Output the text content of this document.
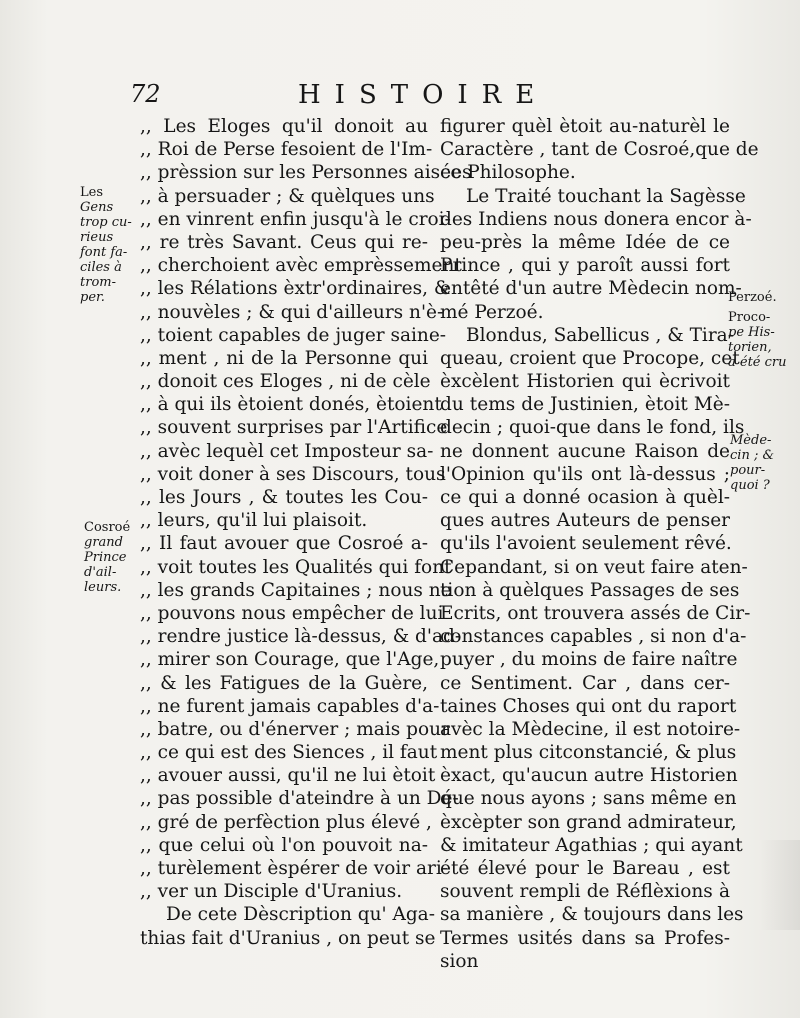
72	HISTOIRE
,, Les Eloges qu'il donoit au
,, Roi de Perse fesoient de l'Im-
,, prèssion sur les Personnes aisées
,, à persuader ; & quèlques uns
,, en vinrent enfin jusqu'à le croi-
,, re très Savant. Ceus qui re-
,, cherchoient avèc emprèssement
,, les Rélations èxtr'ordinaires, &
,, nouvèles ; & qui d'ailleurs n'è-
,, toient capables de juger saine-
,, ment , ni de la Personne qui
,, donoit ces Eloges , ni de cèle
,, à qui ils ètoient donés, ètoient
,, souvent surprises par l'Artifice
,, avèc lequèl cet Imposteur sa-
,, voit doner à ses Discours, tous
,, les Jours , & toutes les Cou-
,, leurs, qu'il lui plaisoit.
,, Il faut avouer que Cosroé a-
,, voit toutes les Qualités qui font
,, les grands Capitaines ; nous ne
,, pouvons nous empêcher de lui
,, rendre justice là-dessus, & d'ad-
,, mirer son Courage, que l'Age,
,, & les Fatigues de la Guère,
,, ne furent jamais capables d'a-
,, batre, ou d'énerver ; mais pour
,, ce qui est des Siences , il faut
,, avouer aussi, qu'il ne lui ètoit
,, pas possible d'ateindre à un Dé-
,, gré de perfèction plus élevé ,
,, que celui où l'on pouvoit na-
,, turèlement èspérer de voir ari-
,, ver un Disciple d'Uranius.
De cete Dèscription qu' Aga-
thias fait d'Uranius , on peut se
figurer quèl ètoit au-naturèl le
Caractère , tant de Cosroé,que de
ce Philosophe.
Le Traité touchant la Sagèsse
des Indiens nous donera encor à-
peu-près la même Idée de ce
Prince , qui y paroît aussi fort
entêté d'un autre Mèdecin nom-
mé Perzoé.
Blondus, Sabellicus , & Tira-
queau, croient que Procope, cet
èxcèlent Historien qui ècrivoit
du tems de Justinien, ètoit Mè-
decin ; quoi-que dans le fond, ils
ne donnent aucune Raison de
l'Opinion qu'ils ont là-dessus ;
ce qui a donné ocasion à quèl-
ques autres Auteurs de penser
qu'ils l'avoient seulement rêvé.
Cepandant, si on veut faire aten-
tion à quèlques Passages de ses
Ecrits, ont trouvera assés de Cir-
constances capables , si non d'a-
puyer , du moins de faire naître
ce Sentiment. Car , dans cer-
taines Choses qui ont du raport
avèc la Mèdecine, il est notoire-
ment plus citconstancié, & plus
èxact, qu'aucun autre Historien
que nous ayons ; sans même en
èxcèpter son grand admirateur,
& imitateur Agathias ; qui ayant
été élevé pour le Bareau , est
souvent rempli de Réflèxions à
sa manière , & toujours dans les
Termes usités dans sa Profes-
sion
Les
Gens
trop cu-
rieus
font fa-
ciles à
trom-
per.
Cosroé
grand
Prince
d'ail-
leurs.
Perzoé.
Proco-
pe His-
torien,
a été cru
Mède-
cin ; &
pour-
quoi ?
